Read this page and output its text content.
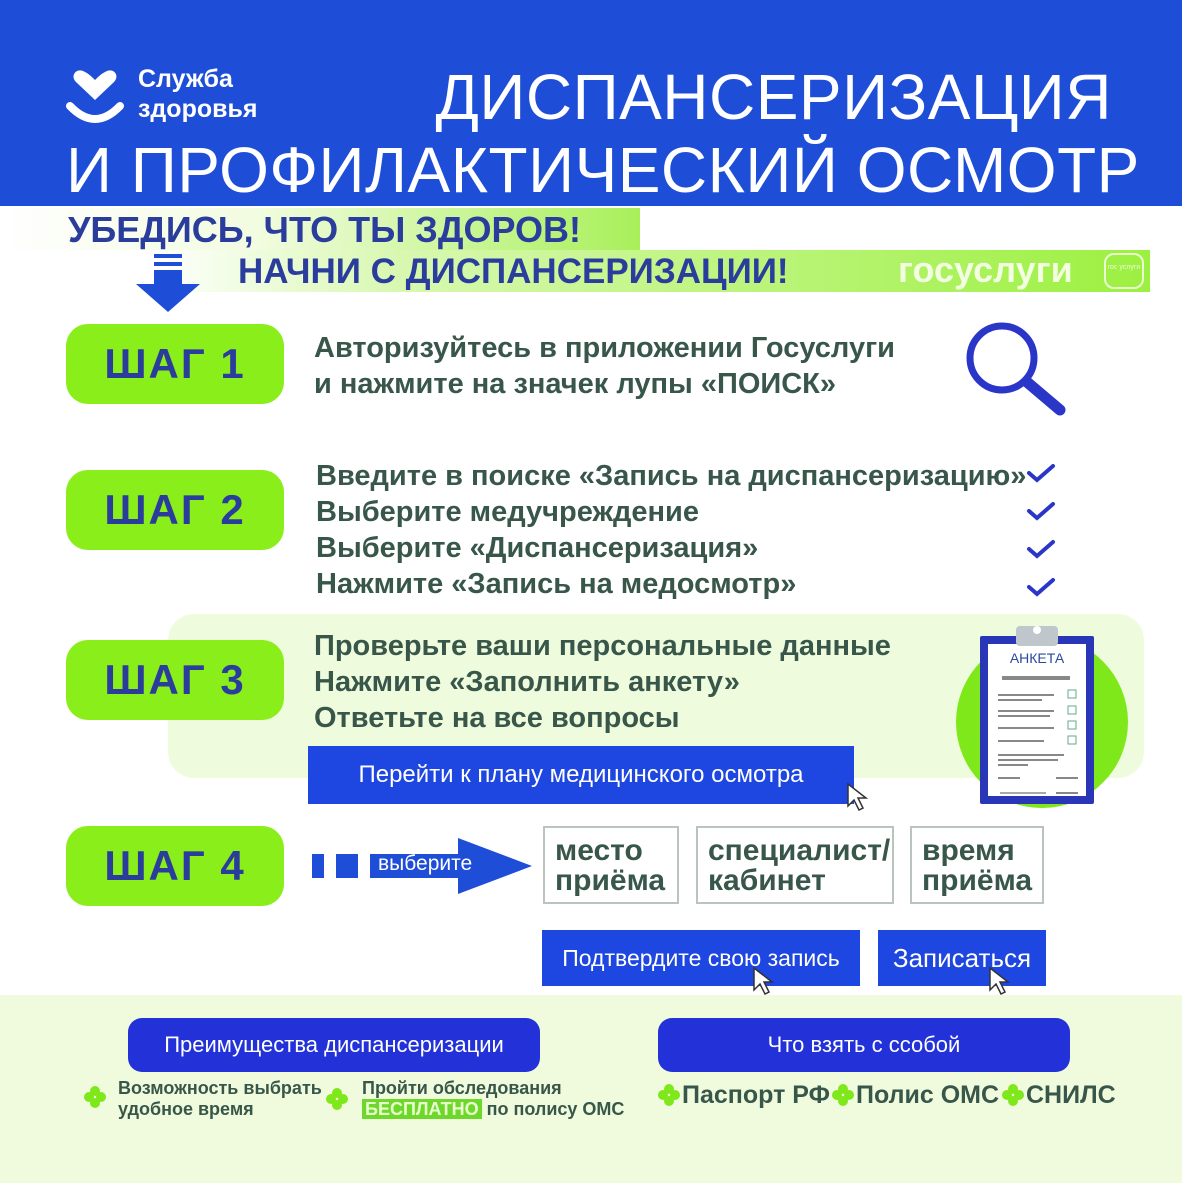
Служба
здоровья	ДИСПАНСЕРИЗАЦИЯ
И ПРОФИЛАКТИЧЕСКИЙ ОСМОТР
УБЕДИСЬ, ЧТО ТЫ ЗДОРОВ!
НАЧНИ С ДИСПАНСЕРИЗАЦИИ!	госуслуги	гос услуги
ШАГ 1	Авторизуйтесь в приложении Госуслуги
и нажмите на значек лупы «ПОИСК»
ШАГ 2
Введите в поиске «Запись на диспансеризацию»
Выберите медучреждение
Выберите «Диспансеризация»
Нажмите «Запись на медосмотр»
ШАГ 3
Проверьте ваши персональные данные
Нажмите «Заполнить анкету»
Ответьте на все вопросы
Перейти к плану медицинского осмотра
АНКЕТА
ШАГ 4	выберите	место
приёма
специалист/
кабинет
время
приёма
Подтвердите свою запись	Записаться
Преимущества диспансеризации
Возможность выбрать
удобное время
Пройти обследования
БЕСПЛАТНО по полису ОМС
Что взять с ссобой
Паспорт РФ Полис ОМС СНИЛС
